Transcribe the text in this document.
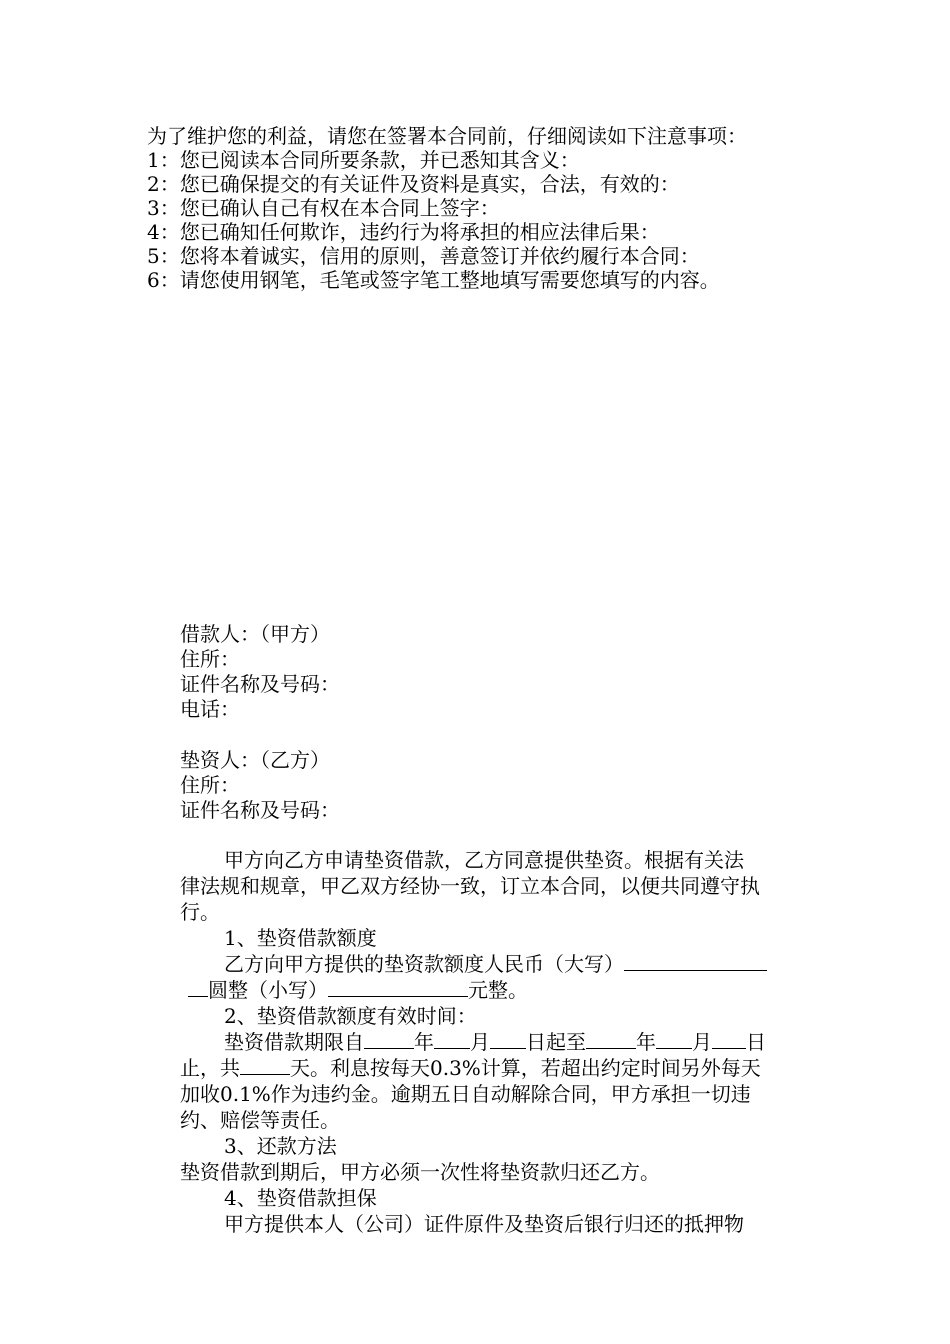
为了维护您的利益，请您在签署本合同前，仔细阅读如下注意事项：
1：您已阅读本合同所要条款，并已悉知其含义：
2：您已确保提交的有关证件及资料是真实，合法，有效的：
3：您已确认自己有权在本合同上签字：
4：您已确知任何欺诈，违约行为将承担的相应法律后果：
5：您将本着诚实，信用的原则，善意签订并依约履行本合同：
6：请您使用钢笔，毛笔或签字笔工整地填写需要您填写的内容。
借款人：（甲方）
住所：
证件名称及号码：
电话：
垫资人：（乙方）
住所：
证件名称及号码：
甲方向乙方申请垫资借款，乙方同意提供垫资。根据有关法
律法规和规章，甲乙双方经协一致，订立本合同，以便共同遵守执
行。
1、垫资借款额度
乙方向甲方提供的垫资款额度人民币（大写）
圆整（小写）	元整。
2、垫资借款额度有效时间：
垫资借款期限自	年 月 日起至	年 月 日
止，共	天。利息按每天0.3%计算，若超出约定时间另外每天
加收0.1%作为违约金。逾期五日自动解除合同，甲方承担一切违
约、赔偿等责任。
3、还款方法
垫资借款到期后，甲方必须一次性将垫资款归还乙方。
4、垫资借款担保
甲方提供本人（公司）证件原件及垫资后银行归还的抵押物
